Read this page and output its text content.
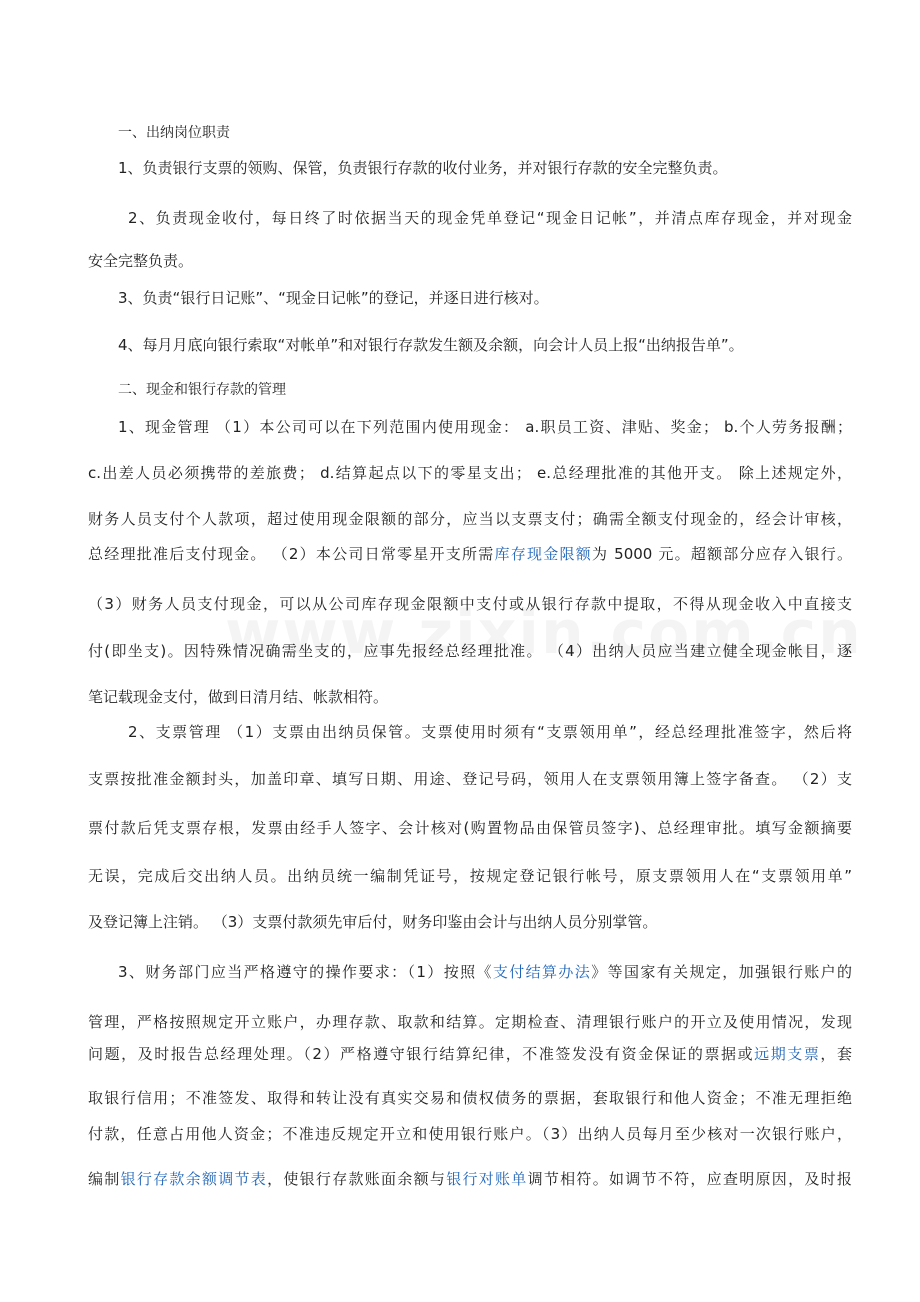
一、出纳岗位职责
1、负责银行支票的领购、保管，负责银行存款的收付业务，并对银行存款的安全完整负责。
2、负责现金收付，每日终了时依据当天的现金凭单登记“现金日记帐”，并清点库存现金，并对现金
安全完整负责。
3、负责“银行日记账”、“现金日记帐”的登记，并逐日进行核对。
4、每月月底向银行索取“对帐单”和对银行存款发生额及余额，向会计人员上报“出纳报告单”。
二、现金和银行存款的管理
1、现金管理 （1）本公司可以在下列范围内使用现金： a.职员工资、津贴、奖金； b.个人劳务报酬；
c.出差人员必须携带的差旅费； d.结算起点以下的零星支出； e.总经理批准的其他开支。 除上述规定外，
财务人员支付个人款项，超过使用现金限额的部分，应当以支票支付；确需全额支付现金的，经会计审核，
总经理批准后支付现金。 （2）本公司日常零星开支所需库存现金限额为 5000 元。超额部分应存入银行。
（3）财务人员支付现金，可以从公司库存现金限额中支付或从银行存款中提取，不得从现金收入中直接支
付(即坐支)。因特殊情况确需坐支的，应事先报经总经理批准。 （4）出纳人员应当建立健全现金帐目，逐
笔记载现金支付，做到日清月结、帐款相符。
2、支票管理 （1）支票由出纳员保管。支票使用时须有“支票领用单”，经总经理批准签字，然后将
支票按批准金额封头，加盖印章、填写日期、用途、登记号码，领用人在支票领用簿上签字备查。 （2）支
票付款后凭支票存根，发票由经手人签字、会计核对(购置物品由保管员签字)、总经理审批。填写金额摘要
无误，完成后交出纳人员。出纳员统一编制凭证号，按规定登记银行帐号，原支票领用人在“支票领用单”
及登记簿上注销。 （3）支票付款须先审后付，财务印鉴由会计与出纳人员分别掌管。
3、财务部门应当严格遵守的操作要求：（1）按照《支付结算办法》等国家有关规定，加强银行账户的
管理，严格按照规定开立账户，办理存款、取款和结算。定期检查、清理银行账户的开立及使用情况，发现
问题，及时报告总经理处理。（2）严格遵守银行结算纪律，不准签发没有资金保证的票据或远期支票，套
取银行信用；不准签发、取得和转让没有真实交易和债权债务的票据，套取银行和他人资金；不准无理拒绝
付款，任意占用他人资金；不准违反规定开立和使用银行账户。（3）出纳人员每月至少核对一次银行账户，
编制银行存款余额调节表，使银行存款账面余额与银行对账单调节相符。如调节不符，应查明原因，及时报
